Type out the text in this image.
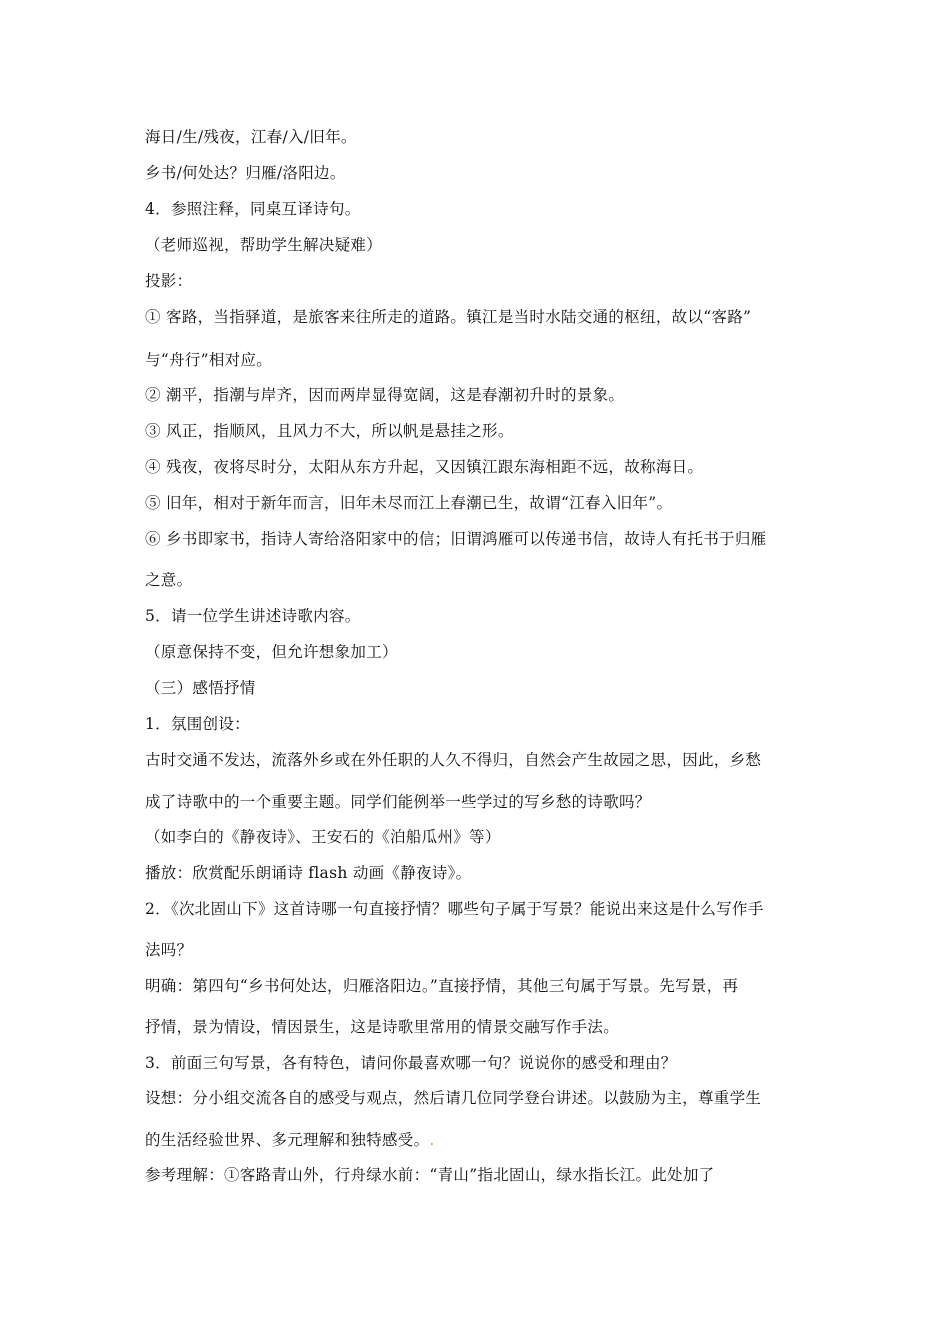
海日/生/残夜，江春/入/旧年。
乡书/何处达？归雁/洛阳边。
4．参照注释，同桌互译诗句。
（老师巡视，帮助学生解决疑难）
投影：
① 客路，当指驿道，是旅客来往所走的道路。镇江是当时水陆交通的枢纽，故以“客路”
与“舟行”相对应。
② 潮平，指潮与岸齐，因而两岸显得宽阔，这是春潮初升时的景象。
③ 风正，指顺风，且风力不大，所以帆是悬挂之形。
④ 残夜，夜将尽时分，太阳从东方升起，又因镇江跟东海相距不远，故称海日。
⑤ 旧年，相对于新年而言，旧年未尽而江上春潮已生，故谓“江春入旧年”。
⑥ 乡书即家书，指诗人寄给洛阳家中的信；旧谓鸿雁可以传递书信，故诗人有托书于归雁
之意。
5．请一位学生讲述诗歌内容。
（原意保持不变，但允许想象加工）
（三）感悟抒情
1．氛围创设：
古时交通不发达，流落外乡或在外任职的人久不得归，自然会产生故园之思，因此，乡愁
成了诗歌中的一个重要主题。同学们能例举一些学过的写乡愁的诗歌吗？
（如李白的《静夜诗》、王安石的《泊船瓜州》等）
播放：欣赏配乐朗诵诗 flash 动画《静夜诗》。
2．《次北固山下》这首诗哪一句直接抒情？哪些句子属于写景？能说出来这是什么写作手
法吗？
明确：第四句“乡书何处达，归雁洛阳边。”直接抒情，其他三句属于写景。先写景，再
抒情，景为情设，情因景生，这是诗歌里常用的情景交融写作手法。
3．前面三句写景，各有特色，请问你最喜欢哪一句？说说你的感受和理由？
设想：分小组交流各自的感受与观点，然后请几位同学登台讲述。以鼓励为主，尊重学生
的生活经验世界、多元理解和独特感受。.
参考理解：①客路青山外，行舟绿水前：“青山”指北固山，绿水指长江。此处加了
